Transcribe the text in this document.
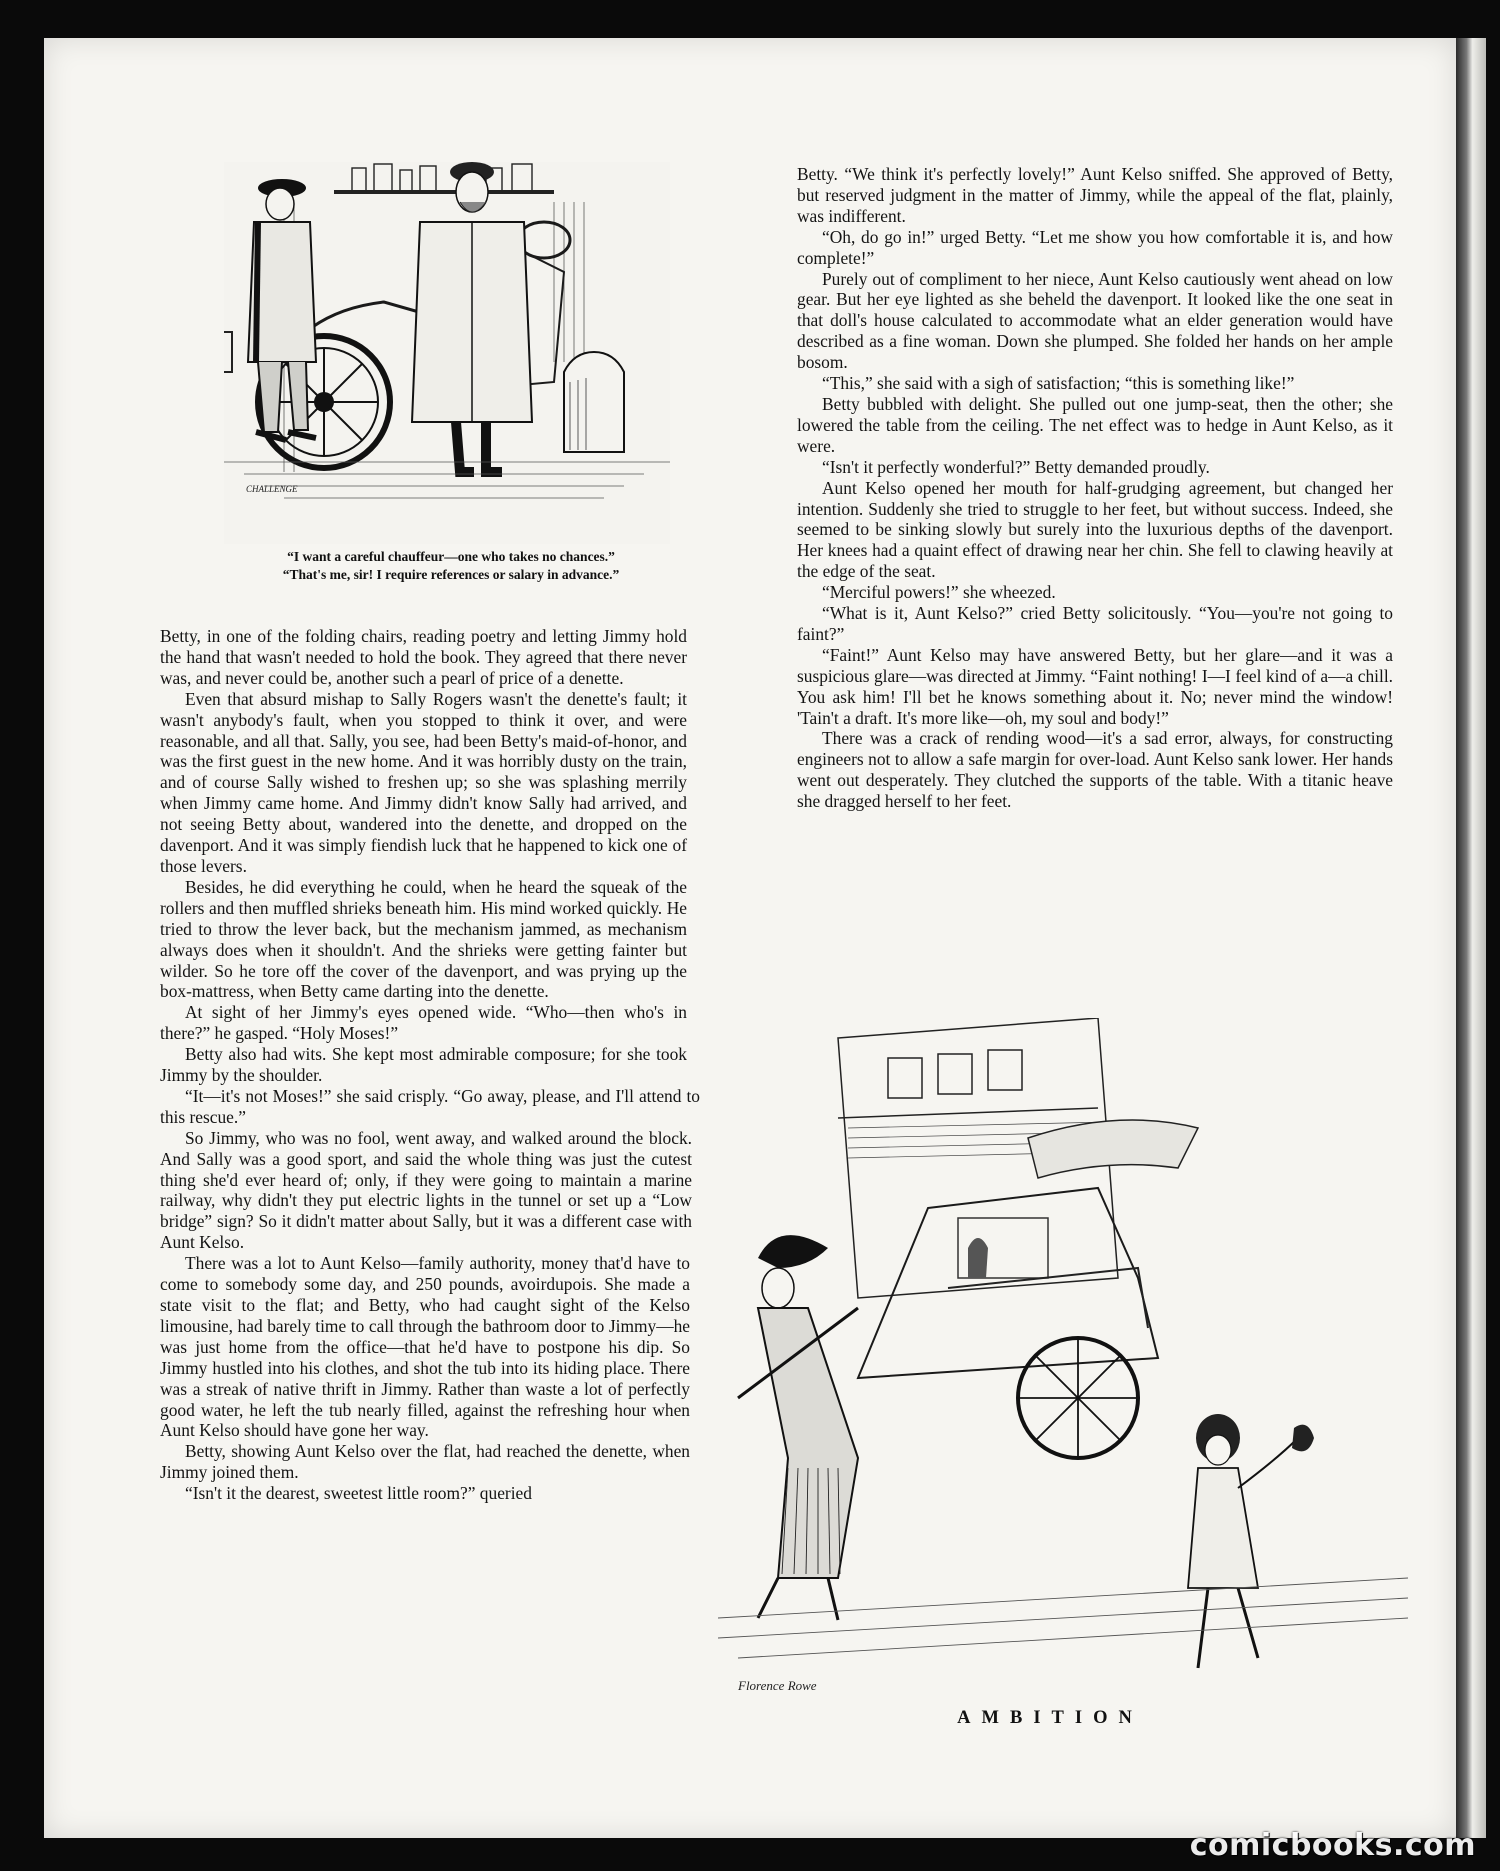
CHALLENGE
“I want a careful chauffeur—one who takes no chances.”
“That's me, sir! I require references or salary in advance.”

Betty, in one of the folding chairs, reading poetry and letting Jimmy hold the hand that wasn't needed to hold the book. They agreed that there never was, and never could be, another such a pearl of price of a denette.

Even that absurd mishap to Sally Rogers wasn't the denette's fault; it wasn't anybody's fault, when you stopped to think it over, and were reasonable, and all that. Sally, you see, had been Betty's maid-of-honor, and was the first guest in the new home. And it was horribly dusty on the train, and of course Sally wished to freshen up; so she was splashing merrily when Jimmy came home. And Jimmy didn't know Sally had arrived, and not seeing Betty about, wandered into the denette, and dropped on the davenport. And it was simply fiendish luck that he happened to kick one of those levers.

Besides, he did everything he could, when he heard the squeak of the rollers and then muffled shrieks beneath him. His mind worked quickly. He tried to throw the lever back, but the mechanism jammed, as mechanism always does when it shouldn't. And the shrieks were getting fainter but wilder. So he tore off the cover of the davenport, and was prying up the box-mattress, when Betty came darting into the denette.

At sight of her Jimmy's eyes opened wide. “Who—then who's in there?” he gasped. “Holy Moses!”

Betty also had wits. She kept most admirable composure; for she took Jimmy by the shoulder.

“It—it's not Moses!” she said crisply. “Go away, please, and I'll attend to this rescue.”

So Jimmy, who was no fool, went away, and walked around the block. And Sally was a good sport, and said the whole thing was just the cutest thing she'd ever heard of; only, if they were going to maintain a marine railway, why didn't they put electric lights in the tunnel or set up a “Low bridge” sign? So it didn't matter about Sally, but it was a different case with Aunt Kelso.

There was a lot to Aunt Kelso—family authority, money that'd have to come to somebody some day, and 250 pounds, avoirdupois. She made a state visit to the flat; and Betty, who had caught sight of the Kelso limousine, had barely time to call through the bathroom door to Jimmy—he was just home from the office—that he'd have to postpone his dip. So Jimmy hustled into his clothes, and shot the tub into its hiding place. There was a streak of native thrift in Jimmy. Rather than waste a lot of perfectly good water, he left the tub nearly filled, against the refreshing hour when Aunt Kelso should have gone her way.

Betty, showing Aunt Kelso over the flat, had reached the denette, when Jimmy joined them.

“Isn't it the dearest, sweetest little room?” queried

Betty. “We think it's perfectly lovely!” Aunt Kelso sniffed. She approved of Betty, but reserved judgment in the matter of Jimmy, while the appeal of the flat, plainly, was indifferent.

“Oh, do go in!” urged Betty. “Let me show you how comfortable it is, and how complete!”

Purely out of compliment to her niece, Aunt Kelso cautiously went ahead on low gear. But her eye lighted as she beheld the davenport. It looked like the one seat in that doll's house calculated to accommodate what an elder generation would have described as a fine woman. Down she plumped. She folded her hands on her ample bosom.

“This,” she said with a sigh of satisfaction; “this is something like!”

Betty bubbled with delight. She pulled out one jump-seat, then the other; she lowered the table from the ceiling. The net effect was to hedge in Aunt Kelso, as it were.

“Isn't it perfectly wonderful?” Betty demanded proudly.

Aunt Kelso opened her mouth for half-grudging agreement, but changed her intention. Suddenly she tried to struggle to her feet, but without success. Indeed, she seemed to be sinking slowly but surely into the luxurious depths of the davenport. Her knees had a quaint effect of drawing near her chin. She fell to clawing heavily at the edge of the seat.

“Merciful powers!” she wheezed.

“What is it, Aunt Kelso?” cried Betty solicitously. “You—you're not going to faint?”

“Faint!” Aunt Kelso may have answered Betty, but her glare—and it was a suspicious glare—was directed at Jimmy. “Faint nothing! I—I feel kind of a—a chill. You ask him! I'll bet he knows something about it. No; never mind the window! 'Tain't a draft. It's more like—oh, my soul and body!”

There was a crack of rending wood—it's a sad error, always, for constructing engineers not to allow a safe margin for over-load. Aunt Kelso sank lower. Her hands went out desperately. They clutched the supports of the table. With a titanic heave she dragged herself to her feet.

Florence Rowe
AMBITION
comicbooks.com
